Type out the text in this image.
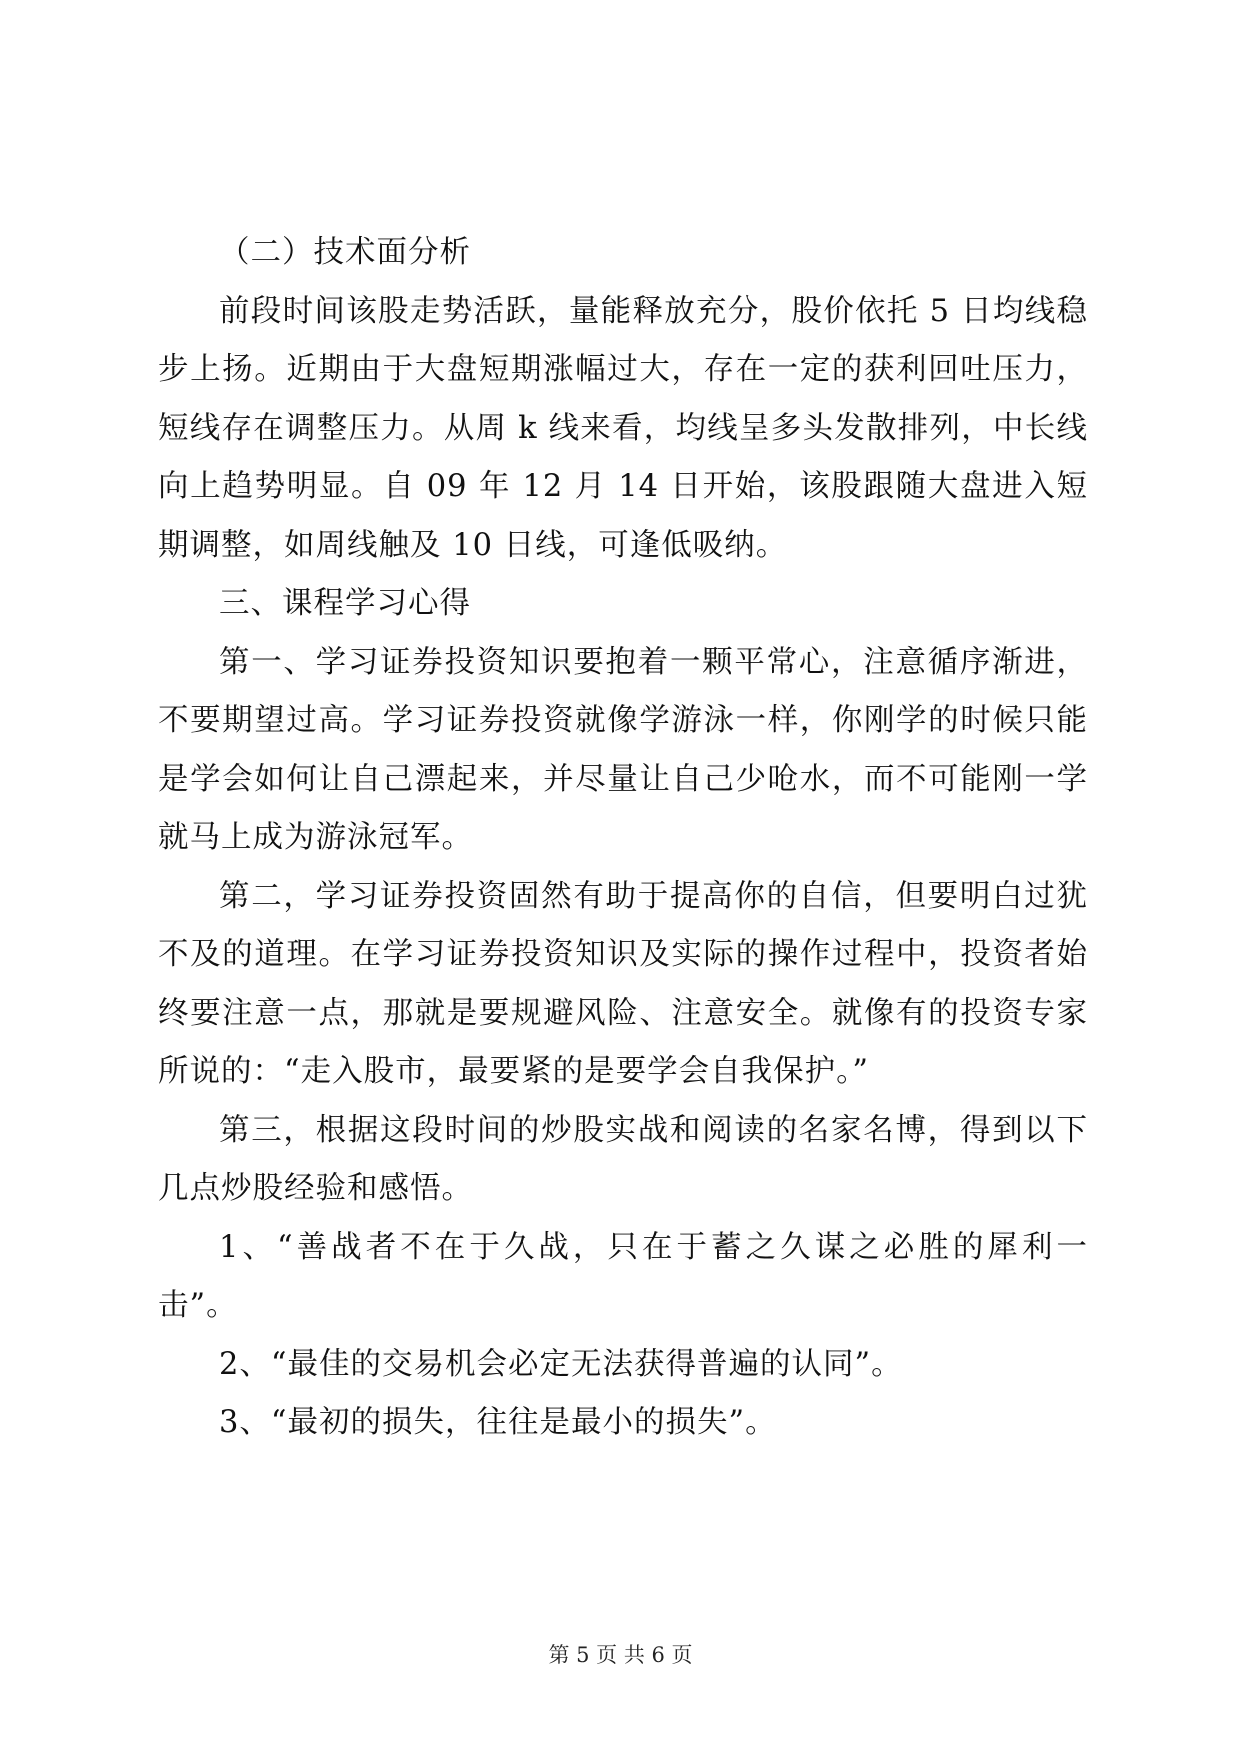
（二）技术面分析

前段时间该股走势活跃，量能释放充分，股价依托 5 日均线稳步上扬。近期由于大盘短期涨幅过大，存在一定的获利回吐压力，短线存在调整压力。从周 k 线来看，均线呈多头发散排列，中长线向上趋势明显。自 09 年 12 月 14 日开始，该股跟随大盘进入短期调整，如周线触及 10 日线，可逢低吸纳。

三、课程学习心得

第一、学习证券投资知识要抱着一颗平常心，注意循序渐进，不要期望过高。学习证券投资就像学游泳一样，你刚学的时候只能是学会如何让自己漂起来，并尽量让自己少呛水，而不可能刚一学就马上成为游泳冠军。

第二，学习证券投资固然有助于提高你的自信，但要明白过犹不及的道理。在学习证券投资知识及实际的操作过程中，投资者始终要注意一点，那就是要规避风险、注意安全。就像有的投资专家所说的：“走入股市，最要紧的是要学会自我保护。”

第三，根据这段时间的炒股实战和阅读的名家名博，得到以下几点炒股经验和感悟。

1、“善战者不在于久战，只在于蓄之久谋之必胜的犀利一击”。

2、“最佳的交易机会必定无法获得普遍的认同”。

3、“最初的损失，往往是最小的损失”。

第 5 页 共 6 页
